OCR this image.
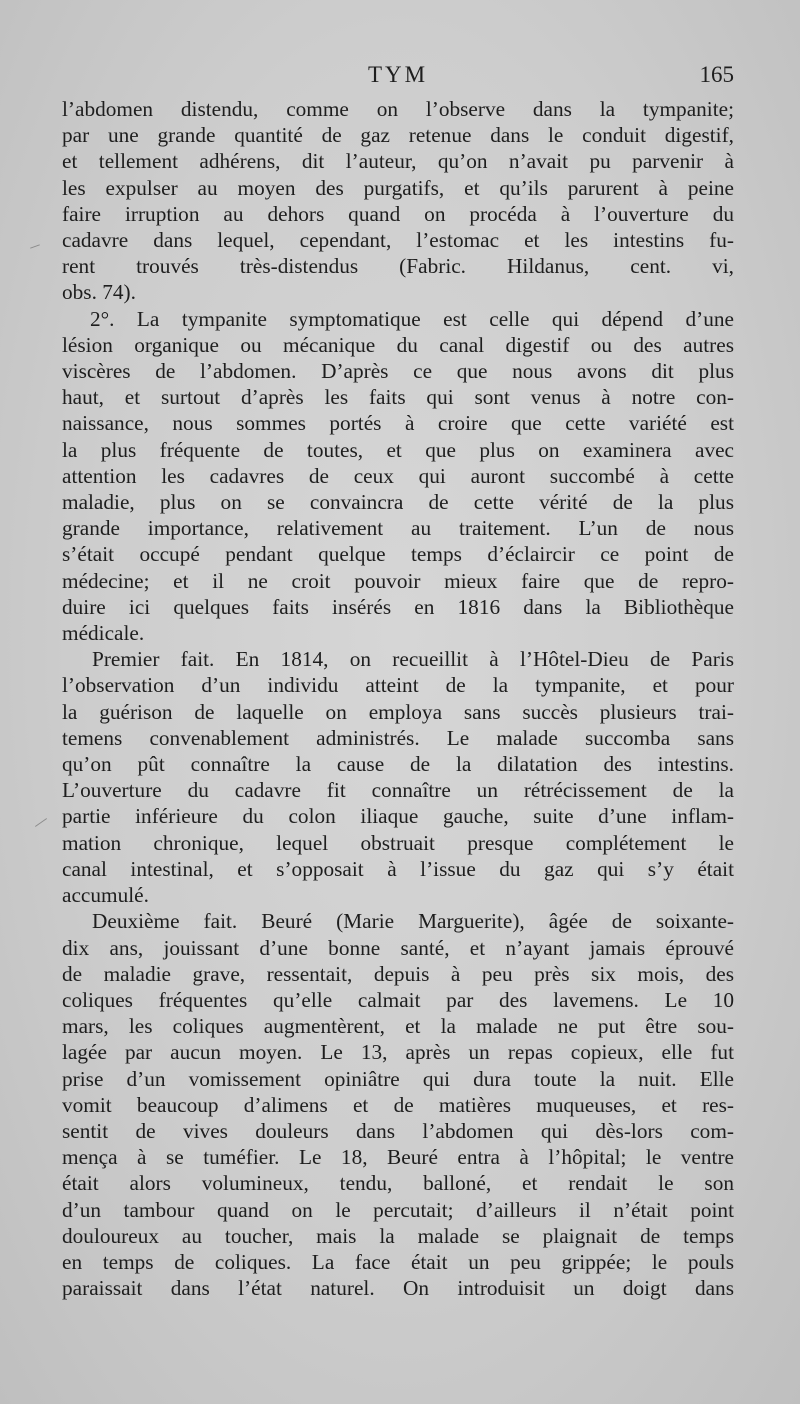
TYM	165
l’abdomen distendu, comme on l’observe dans la tympanite;
par une grande quantité de gaz retenue dans le conduit digestif,
et tellement adhérens, dit l’auteur, qu’on n’avait pu parvenir à
les expulser au moyen des purgatifs, et qu’ils parurent à peine
faire irruption au dehors quand on procéda à l’ouverture du
cadavre dans lequel, cependant, l’estomac et les intestins fu-
rent trouvés très-distendus (Fabric. Hildanus, cent. vi,
obs. 74).
2°. La tympanite symptomatique est celle qui dépend d’une
lésion organique ou mécanique du canal digestif ou des autres
viscères de l’abdomen. D’après ce que nous avons dit plus
haut, et surtout d’après les faits qui sont venus à notre con-
naissance, nous sommes portés à croire que cette variété est
la plus fréquente de toutes, et que plus on examinera avec
attention les cadavres de ceux qui auront succombé à cette
maladie, plus on se convaincra de cette vérité de la plus
grande importance, relativement au traitement. L’un de nous
s’était occupé pendant quelque temps d’éclaircir ce point de
médecine; et il ne croit pouvoir mieux faire que de repro-
duire ici quelques faits insérés en 1816 dans la Bibliothèque
médicale.
Premier fait. En 1814, on recueillit à l’Hôtel-Dieu de Paris
l’observation d’un individu atteint de la tympanite, et pour
la guérison de laquelle on employa sans succès plusieurs trai-
temens convenablement administrés. Le malade succomba sans
qu’on pût connaître la cause de la dilatation des intestins.
L’ouverture du cadavre fit connaître un rétrécissement de la
partie inférieure du colon iliaque gauche, suite d’une inflam-
mation chronique, lequel obstruait presque complétement le
canal intestinal, et s’opposait à l’issue du gaz qui s’y était
accumulé.
Deuxième fait. Beuré (Marie Marguerite), âgée de soixante-
dix ans, jouissant d’une bonne santé, et n’ayant jamais éprouvé
de maladie grave, ressentait, depuis à peu près six mois, des
coliques fréquentes qu’elle calmait par des lavemens. Le 10
mars, les coliques augmentèrent, et la malade ne put être sou-
lagée par aucun moyen. Le 13, après un repas copieux, elle fut
prise d’un vomissement opiniâtre qui dura toute la nuit. Elle
vomit beaucoup d’alimens et de matières muqueuses, et res-
sentit de vives douleurs dans l’abdomen qui dès-lors com-
mença à se tuméfier. Le 18, Beuré entra à l’hôpital; le ventre
était alors volumineux, tendu, balloné, et rendait le son
d’un tambour quand on le percutait; d’ailleurs il n’était point
douloureux au toucher, mais la malade se plaignait de temps
en temps de coliques. La face était un peu grippée; le pouls
paraissait dans l’état naturel. On introduisit un doigt dans
